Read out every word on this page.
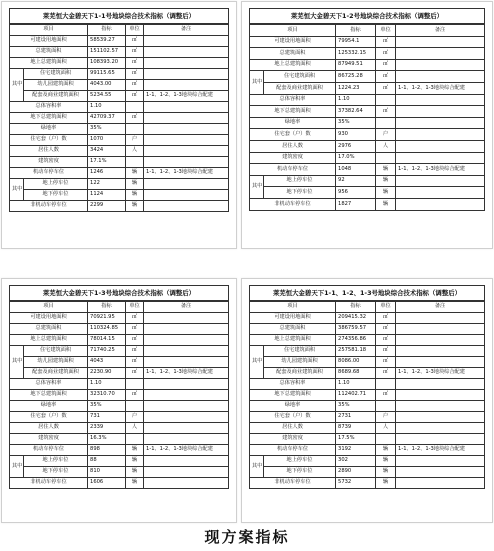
莱芜恒大金碧天下1-1号地块综合技术指标（调整后）
项目		指标	单位	备注
可建设用地面积		58539.27	㎡	
总建筑面积		151102.57	㎡	
地上总建筑面积		108393.20	㎡	
其中	住宅建筑面积	99115.65	㎡	
	幼儿园建筑面积	4043.00	㎡	
	配套及商业建筑面积	5234.55	㎡	1-1、1-2、1-3地块综合配建
总体容积率		1.10		
地下总建筑面积		42709.37	㎡	
绿地率		35%		
住宅套（户）数		1070	户	
居住人数		3424	人	
建筑密度		17.1%		
机动车停车位		1246	辆	1-1、1-2、1-3地块综合配建
其中	地上停车位	122	辆	
	地下停车位	1124	辆	
非机动车停车位		2299	辆	
莱芜恒大金碧天下1-2号地块综合技术指标（调整后）
项目		指标	单位	备注
可建设用地面积		79954.1	㎡	
总建筑面积		125332.15	㎡	
地上总建筑面积		87949.51	㎡	
其中	住宅建筑面积	86725.28	㎡	
	配套及商业建筑面积	1224.23	㎡	1-1、1-2、1-3地块综合配建
总体容积率		1.10		
地下总建筑面积		37382.64	㎡	
绿地率		35%		
住宅套（户）数		930	户	
居住人数		2976	人	
建筑密度		17.0%		
机动车停车位		1048	辆	1-1、1-2、1-3地块综合配建
其中	地上停车位	92	辆	
	地下停车位	956	辆	
非机动车停车位		1827	辆	
莱芜恒大金碧天下1-3号地块综合技术指标（调整后）
项目		指标	单位	备注
可建设用地面积		70921.95	㎡	
总建筑面积		110324.85	㎡	
地上总建筑面积		78014.15	㎡	
其中	住宅建筑面积	71740.25	㎡	
	幼儿园建筑面积	4043	㎡	
	配套及商业建筑面积	2230.90	㎡	1-1、1-2、1-3地块综合配建
总体容积率		1.10		
地下总建筑面积		32310.70	㎡	
绿地率		35%		
住宅套（户）数		731	户	
居住人数		2339	人	
建筑密度		16.3%		
机动车停车位		898	辆	1-1、1-2、1-3地块综合配建
其中	地上停车位	88	辆	
	地下停车位	810	辆	
非机动车停车位		1606	辆	
莱芜恒大金碧天下1-1、1-2、1-3号地块综合技术指标（调整后）
项目		指标	单位	备注
可建设用地面积		209415.32	㎡	
总建筑面积		386759.57	㎡	
地上总建筑面积		274356.86	㎡	
其中	住宅建筑面积	257581.18	㎡	
	幼儿园建筑面积	8086.00	㎡	
	配套及商业建筑面积	8689.68	㎡	1-1、1-2、1-3地块综合配建
总体容积率		1.10		
地下总建筑面积		112402.71	㎡	
绿地率		35%		
住宅套（户）数		2731	户	
居住人数		8739	人	
建筑密度		17.5%		
机动车停车位		3192	辆	1-1、1-2、1-3地块综合配建
其中	地上停车位	302	辆	
	地下停车位	2890	辆	
非机动车停车位		5732	辆	
现方案指标
